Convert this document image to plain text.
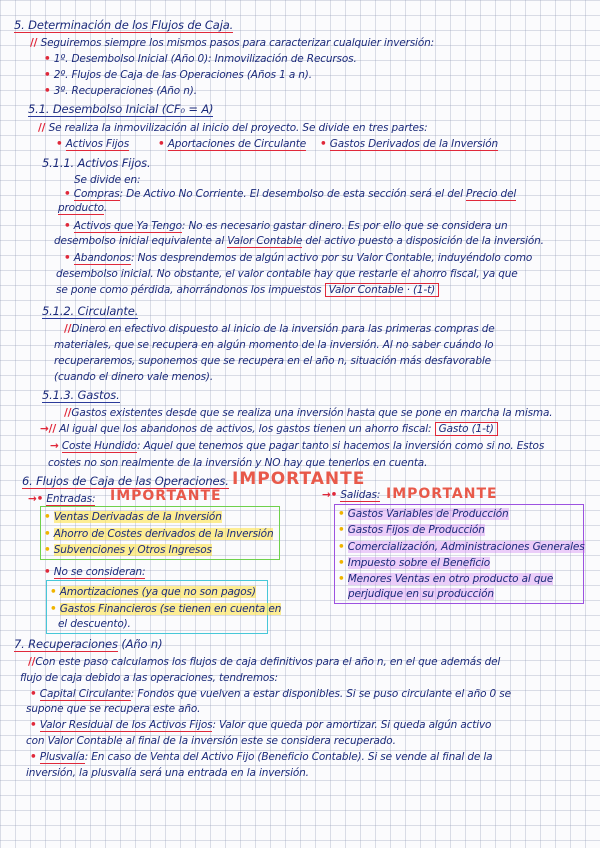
5. Determinación de los Flujos de Caja.
// Seguiremos siempre los mismos pasos para caracterizar cualquier inversión:
• 1º. Desembolso Inicial (Año 0): Inmovilización de Recursos.
• 2º. Flujos de Caja de las Operaciones (Años 1 a n).
• 3º. Recuperaciones (Año n).
5.1. Desembolso Inicial (CF₀ = A)
// Se realiza la inmovilización al inicio del proyecto. Se divide en tres partes:
• Activos Fijos	• Aportaciones de Circulante • Gastos Derivados de la Inversión
5.1.1. Activos Fijos.
Se divide en:
• Compras: De Activo No Corriente. El desembolso de esta sección será el del Precio del
producto.
• Activos que Ya Tengo: No es necesario gastar dinero. Es por ello que se considera un
desembolso inicial equivalente al Valor Contable del activo puesto a disposición de la inversión.
• Abandonos: Nos desprendemos de algún activo por su Valor Contable, induyéndolo como
desembolso inicial. No obstante, el valor contable hay que restarle el ahorro fiscal, ya que
se pone como pérdida, ahorrándonos los impuestos Valor Contable · (1-t)
5.1.2. Circulante.
//Dinero en efectivo dispuesto al inicio de la inversión para las primeras compras de
materiales, que se recupera en algún momento de la inversión. Al no saber cuándo lo
recuperaremos, suponemos que se recupera en el año n, situación más desfavorable
(cuando el dinero vale menos).
5.1.3. Gastos.
//Gastos existentes desde que se realiza una inversión hasta que se pone en marcha la misma.
→// Al igual que los abandonos de activos, los gastos tienen un ahorro fiscal: Gasto (1-t)
→ Coste Hundido: Aquel que tenemos que pagar tanto si hacemos la inversión como si no. Estos
costes no son realmente de la inversión y NO hay que tenerlos en cuenta.
6. Flujos de Caja de las Operaciones. IMPORTANTE
→• Entradas: IMPORTANTE
• Ventas Derivadas de la Inversión
• Ahorro de Costes derivados de la Inversión
• Subvenciones y Otros Ingresos
→• Salidas: IMPORTANTE
• Gastos Variables de Producción
• Gastos Fijos de Producción
• Comercialización, Administraciones Generales
• Impuesto sobre el Beneficio
• Menores Ventas en otro producto al que
perjudique en su producción
• No se consideran:
• Amortizaciones (ya que no son pagos)
• Gastos Financieros (se tienen en cuenta en
el descuento).
7. Recuperaciones (Año n)
//Con este paso calculamos los flujos de caja definitivos para el año n, en el que además del
flujo de caja debido a las operaciones, tendremos:
• Capital Circulante: Fondos que vuelven a estar disponibles. Si se puso circulante el año 0 se
supone que se recupera este año.
• Valor Residual de los Activos Fijos: Valor que queda por amortizar. Si queda algún activo
con Valor Contable al final de la inversión este se considera recuperado.
• Plusvalía: En caso de Venta del Activo Fijo (Beneficio Contable). Si se vende al final de la
inversión, la plusvalía será una entrada en la inversión.
